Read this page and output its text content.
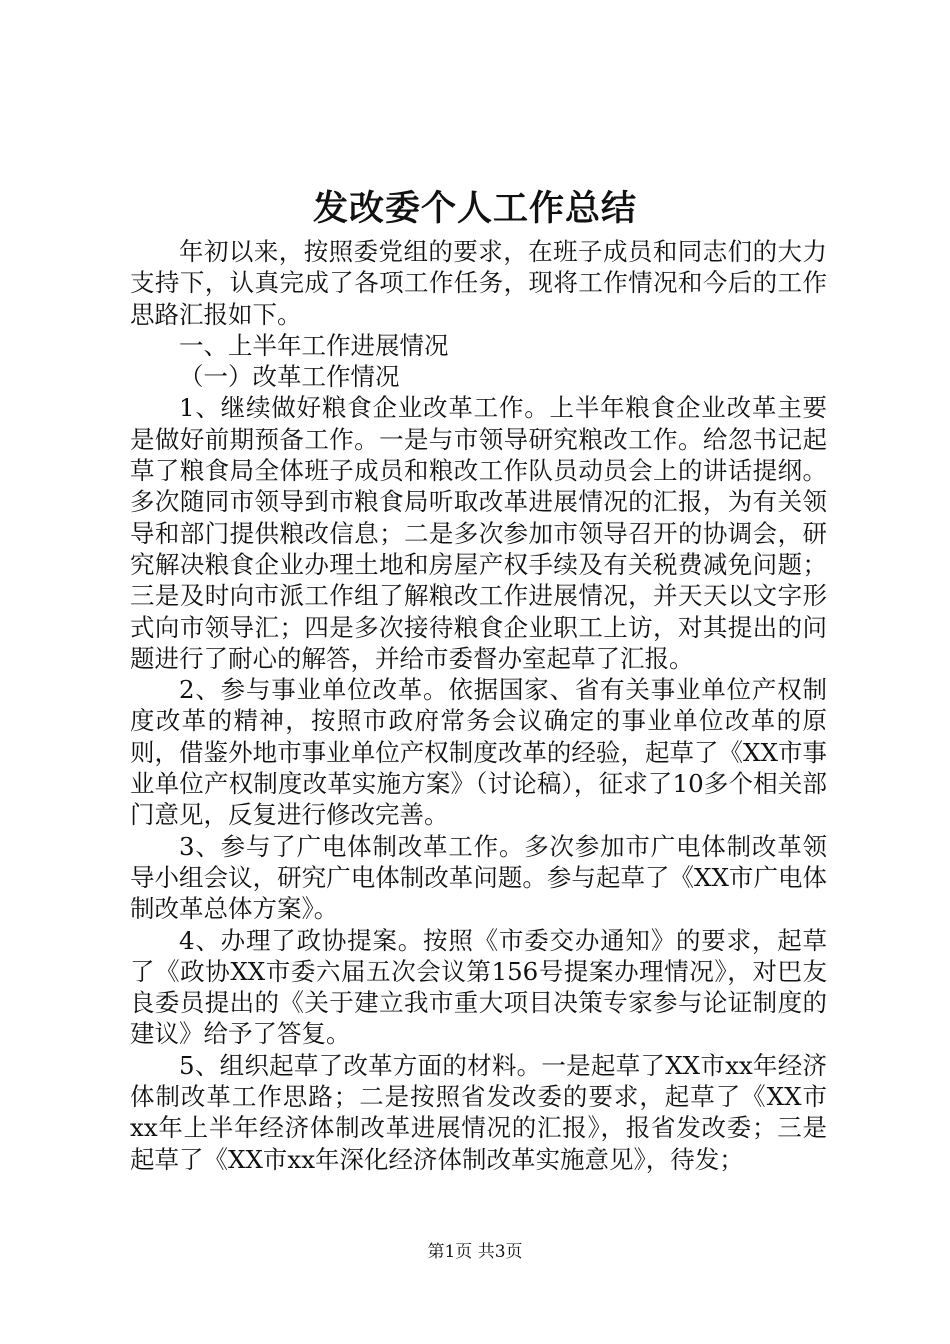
发改委个人工作总结

年初以来，按照委党组的要求，在班子成员和同志们的大力支持下，认真完成了各项工作任务，现将工作情况和今后的工作思路汇报如下。

一、上半年工作进展情况

（一）改革工作情况

1、继续做好粮食企业改革工作。上半年粮食企业改革主要是做好前期预备工作。一是与市领导研究粮改工作。给忽书记起草了粮食局全体班子成员和粮改工作队员动员会上的讲话提纲。多次随同市领导到市粮食局听取改革进展情况的汇报，为有关领导和部门提供粮改信息；二是多次参加市领导召开的协调会，研究解决粮食企业办理土地和房屋产权手续及有关税费减免问题；三是及时向市派工作组了解粮改工作进展情况，并天天以文字形式向市领导汇；四是多次接待粮食企业职工上访，对其提出的问题进行了耐心的解答，并给市委督办室起草了汇报。

2、参与事业单位改革。依据国家、省有关事业单位产权制度改革的精神，按照市政府常务会议确定的事业单位改革的原则，借鉴外地市事业单位产权制度改革的经验，起草了《XX市事业单位产权制度改革实施方案》（讨论稿），征求了10多个相关部门意见，反复进行修改完善。

3、参与了广电体制改革工作。多次参加市广电体制改革领导小组会议，研究广电体制改革问题。参与起草了《XX市广电体制改革总体方案》。

4、办理了政协提案。按照《市委交办通知》的要求，起草了《政协XX市委六届五次会议第156号提案办理情况》，对巴友良委员提出的《关于建立我市重大项目决策专家参与论证制度的建议》给予了答复。

5、组织起草了改革方面的材料。一是起草了XX市xx年经济体制改革工作思路；二是按照省发改委的要求，起草了《XX市xx年上半年经济体制改革进展情况的汇报》，报省发改委；三是起草了《XX市xx年深化经济体制改革实施意见》，待发；

第1页 共3页
